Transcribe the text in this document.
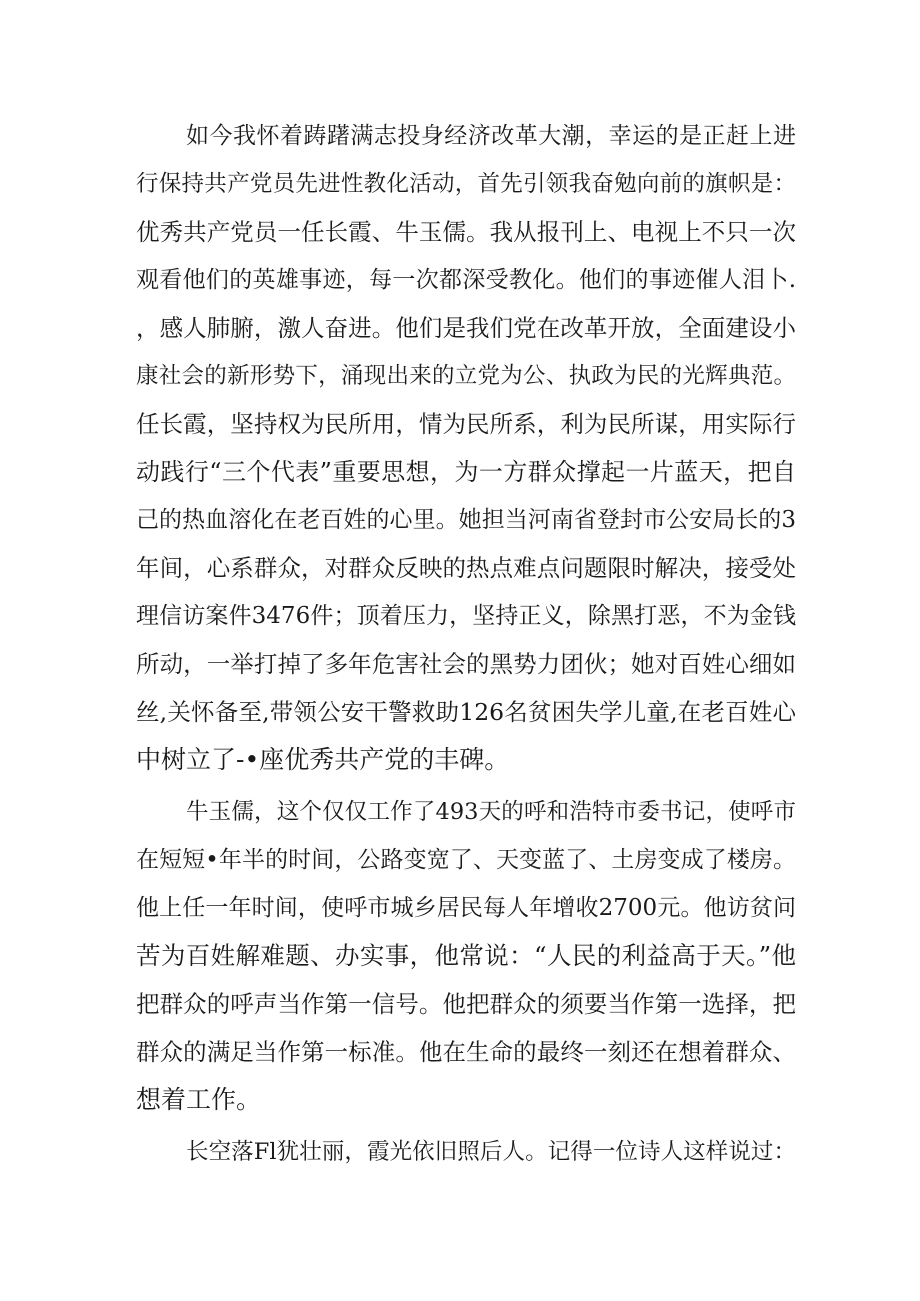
如今我怀着踌躇满志投身经济改革大潮，幸运的是正赶上进
行保持共产党员先进性教化活动，首先引领我奋勉向前的旗帜是：
优秀共产党员一任长霞、牛玉儒。我从报刊上、电视上不只一次
观看他们的英雄事迹，每一次都深受教化。他们的事迹催人泪卜.
，感人肺腑，激人奋进。他们是我们党在改革开放，全面建设小
康社会的新形势下，涌现出来的立党为公、执政为民的光辉典范。
任长霞，坚持权为民所用，情为民所系，利为民所谋，用实际行
动践行“三个代表”重要思想，为一方群众撑起一片蓝天，把自
己的热血溶化在老百姓的心里。她担当河南省登封市公安局长的3
年间，心系群众，对群众反映的热点难点问题限时解决，接受处
理信访案件3476件；顶着压力，坚持正义，除黑打恶，不为金钱
所动，一举打掉了多年危害社会的黑势力团伙；她对百姓心细如
丝,关怀备至,带领公安干警救助126名贫困失学儿童,在老百姓心
中树立了-•座优秀共产党的丰碑。
牛玉儒，这个仅仅工作了493天的呼和浩特市委书记，使呼市
在短短•年半的时间，公路变宽了、天变蓝了、土房变成了楼房。
他上任一年时间，使呼市城乡居民每人年增收2700元。他访贫问
苦为百姓解难题、办实事，他常说：“人民的利益高于天。”他
把群众的呼声当作第一信号。他把群众的须要当作第一选择，把
群众的满足当作第一标准。他在生命的最终一刻还在想着群众、
想着工作。
长空落Fl犹壮丽，霞光依旧照后人。记得一位诗人这样说过：
